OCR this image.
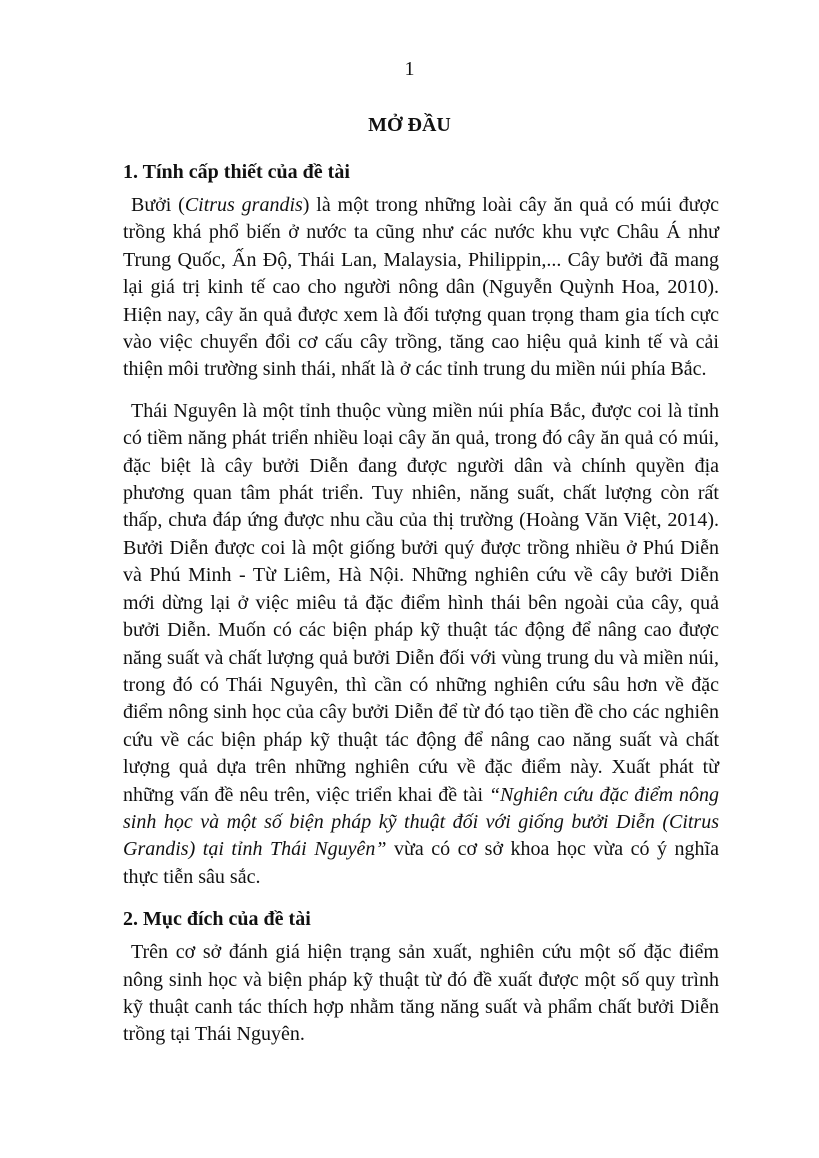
1
MỞ ĐẦU
1. Tính cấp thiết của đề tài

Bưởi (Citrus grandis) là một trong những loài cây ăn quả có múi được trồng khá phổ biến ở nước ta cũng như các nước khu vực Châu Á như Trung Quốc, Ấn Độ, Thái Lan, Malaysia, Philippin,... Cây bưởi đã mang lại giá trị kinh tế cao cho người nông dân (Nguyễn Quỳnh Hoa, 2010). Hiện nay, cây ăn quả được xem là đối tượng quan trọng tham gia tích cực vào việc chuyển đổi cơ cấu cây trồng, tăng cao hiệu quả kinh tế và cải thiện môi trường sinh thái, nhất là ở các tỉnh trung du miền núi phía Bắc.

Thái Nguyên là một tỉnh thuộc vùng miền núi phía Bắc, được coi là tỉnh có tiềm năng phát triển nhiều loại cây ăn quả, trong đó cây ăn quả có múi, đặc biệt là cây bưởi Diễn đang được người dân và chính quyền địa phương quan tâm phát triển. Tuy nhiên, năng suất, chất lượng còn rất thấp, chưa đáp ứng được nhu cầu của thị trường (Hoàng Văn Việt, 2014). Bưởi Diễn được coi là một giống bưởi quý được trồng nhiều ở Phú Diễn và Phú Minh - Từ Liêm, Hà Nội. Những nghiên cứu về cây bưởi Diễn mới dừng lại ở việc miêu tả đặc điểm hình thái bên ngoài của cây, quả bưởi Diễn. Muốn có các biện pháp kỹ thuật tác động để nâng cao được năng suất và chất lượng quả bưởi Diễn đối với vùng trung du và miền núi, trong đó có Thái Nguyên, thì cần có những nghiên cứu sâu hơn về đặc điểm nông sinh học của cây bưởi Diễn để từ đó tạo tiền đề cho các nghiên cứu về các biện pháp kỹ thuật tác động để nâng cao năng suất và chất lượng quả dựa trên những nghiên cứu về đặc điểm này. Xuất phát từ những vấn đề nêu trên, việc triển khai đề tài “Nghiên cứu đặc điểm nông sinh học và một số biện pháp kỹ thuật đối với giống bưởi Diễn (Citrus Grandis) tại tỉnh Thái Nguyên” vừa có cơ sở khoa học vừa có ý nghĩa thực tiễn sâu sắc.

2. Mục đích của đề tài

Trên cơ sở đánh giá hiện trạng sản xuất, nghiên cứu một số đặc điểm nông sinh học và biện pháp kỹ thuật từ đó đề xuất được một số quy trình kỹ thuật canh tác thích hợp nhằm tăng năng suất và phẩm chất bưởi Diễn trồng tại Thái Nguyên.
